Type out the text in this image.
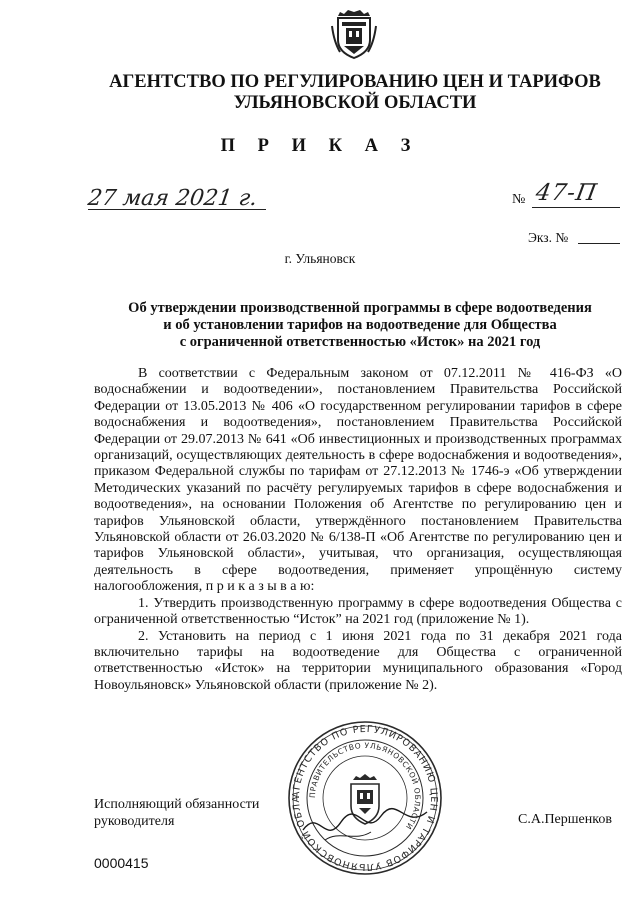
АГЕНТСТВО ПО РЕГУЛИРОВАНИЮ ЦЕН И ТАРИФОВ
УЛЬЯНОВСКОЙ ОБЛАСТИ
П Р И К А З
27 мая 2021 г.	№ 47-П
Экз. №
г. Ульяновск
Об утверждении производственной программы в сфере водоотведения
и об установлении тарифов на водоотведение для Общества
с ограниченной ответственностью «Исток» на 2021 год

В соответствии с Федеральным законом от 07.12.2011 № 416-ФЗ «О водоснабжении и водоотведении», постановлением Правительства Российской Федерации от 13.05.2013 № 406 «О государственном регулировании тарифов в сфере водоснабжения и водоотведения», постановлением Правительства Российской Федерации от 29.07.2013 № 641 «Об инвестиционных и производственных программах организаций, осуществляющих деятельность в сфере водоснабжения и водоотведения», приказом Федеральной службы по тарифам от 27.12.2013 № 1746-э «Об утверждении Методических указаний по расчёту регулируемых тарифов в сфере водоснабжения и водоотведения», на основании Положения об Агентстве по регулированию цен и тарифов Ульяновской области, утверждённого постановлением Правительства Ульяновской области от 26.03.2020 № 6/138-П «Об Агентстве по регулированию цен и тарифов Ульяновской области», учитывая, что организация, осуществляющая деятельность в сфере водоотведения, применяет упрощённую систему налогообложения, п р и к а з ы в а ю:

1. Утвердить производственную программу в сфере водоотведения Общества с ограниченной ответственностью “Исток” на 2021 год (приложение № 1).

2. Установить на период с 1 июня 2021 года по 31 декабря 2021 года включительно тарифы на водоотведение для Общества с ограниченной ответственностью «Исток» на территории муниципального образования «Город Новоульяновск» Ульяновской области (приложение № 2).

АГЕНТСТВО ПО РЕГУЛИРОВАНИЮ ЦЕН И ТАРИФОВ УЛЬЯНОВСКОЙ ОБЛА
ПРАВИТЕЛЬСТВО УЛЬЯНОВСКОЙ ОБЛАСТИ
Исполняющий обязанности
руководителя	С.А.Першенков
0000415
